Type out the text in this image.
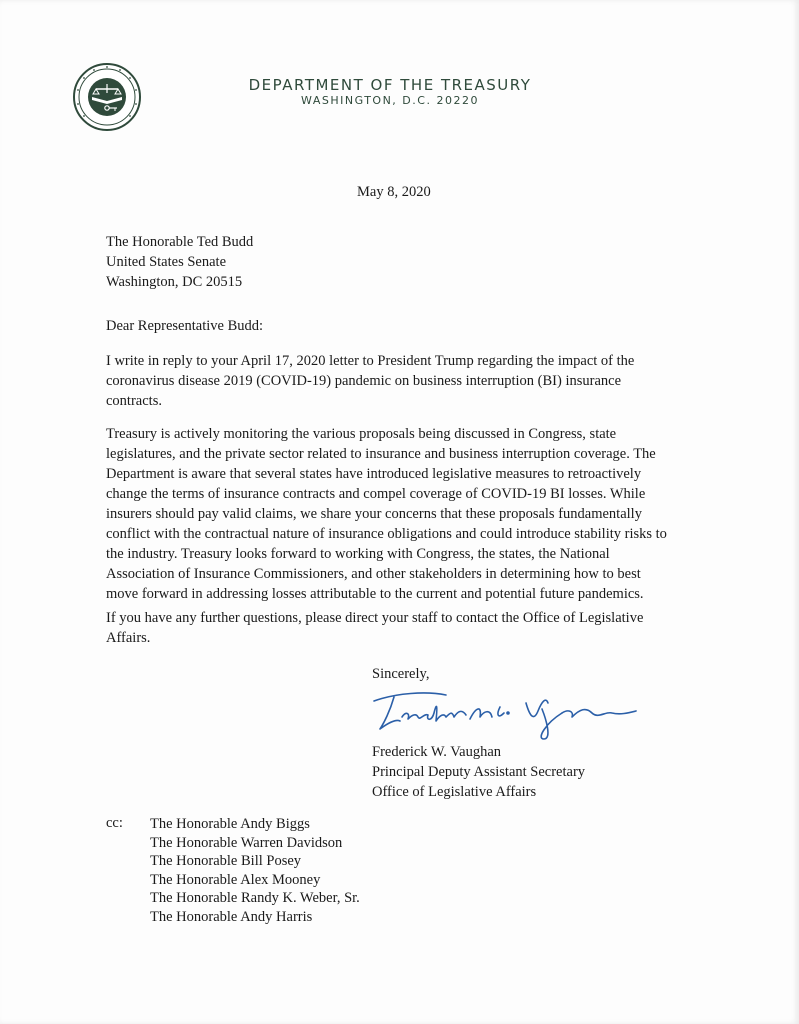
DEPARTMENT OF THE TREASURY
WASHINGTON, D.C. 20220
May 8, 2020
The Honorable Ted Budd
United States Senate
Washington, DC 20515
Dear Representative Budd:
I write in reply to your April 17, 2020 letter to President Trump regarding the impact of the
coronavirus disease 2019 (COVID-19) pandemic on business interruption (BI) insurance
contracts.
Treasury is actively monitoring the various proposals being discussed in Congress, state
legislatures, and the private sector related to insurance and business interruption coverage. The
Department is aware that several states have introduced legislative measures to retroactively
change the terms of insurance contracts and compel coverage of COVID-19 BI losses. While
insurers should pay valid claims, we share your concerns that these proposals fundamentally
conflict with the contractual nature of insurance obligations and could introduce stability risks to
the industry. Treasury looks forward to working with Congress, the states, the National
Association of Insurance Commissioners, and other stakeholders in determining how to best
move forward in addressing losses attributable to the current and potential future pandemics.
If you have any further questions, please direct your staff to contact the Office of Legislative
Affairs.
Sincerely,
Frederick W. Vaughan
Principal Deputy Assistant Secretary
Office of Legislative Affairs
cc: The Honorable Andy Biggs
The Honorable Warren Davidson
The Honorable Bill Posey
The Honorable Alex Mooney
The Honorable Randy K. Weber, Sr.
The Honorable Andy Harris
